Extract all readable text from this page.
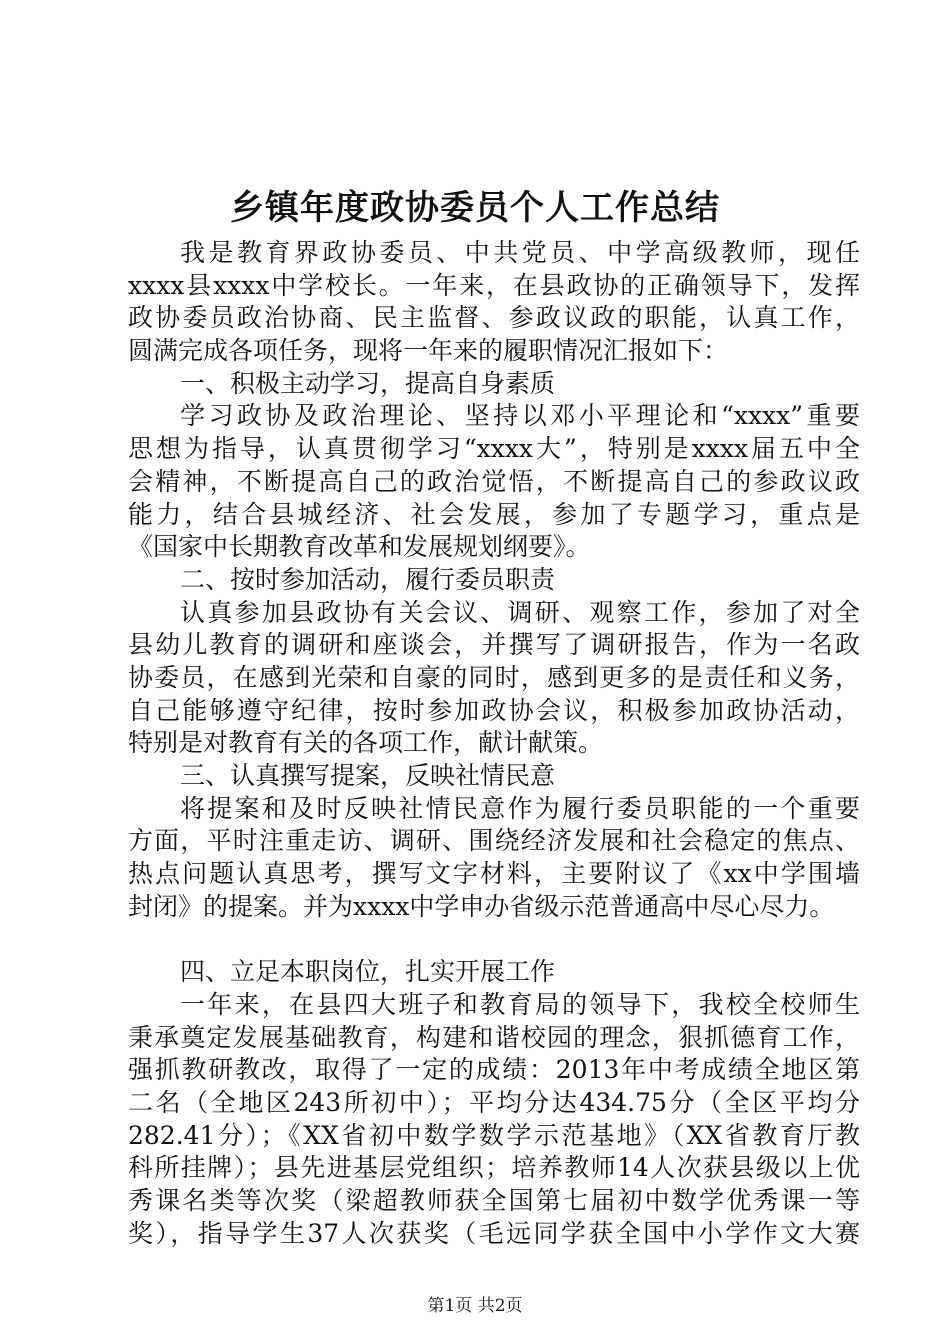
乡镇年度政协委员个人工作总结
我是教育界政协委员、中共党员、中学高级教师，现任
xxxx县xxxx中学校长。一年来，在县政协的正确领导下，发挥
政协委员政治协商、民主监督、参政议政的职能，认真工作，
圆满完成各项任务，现将一年来的履职情况汇报如下：
一、积极主动学习，提高自身素质
学习政协及政治理论、坚持以邓小平理论和“xxxx”重要
思想为指导，认真贯彻学习“xxxx大”，特别是xxxx届五中全
会精神，不断提高自己的政治觉悟，不断提高自己的参政议政
能力，结合县城经济、社会发展，参加了专题学习，重点是
《国家中长期教育改革和发展规划纲要》。
二、按时参加活动，履行委员职责
认真参加县政协有关会议、调研、观察工作，参加了对全
县幼儿教育的调研和座谈会，并撰写了调研报告，作为一名政
协委员，在感到光荣和自豪的同时，感到更多的是责任和义务，
自己能够遵守纪律，按时参加政协会议，积极参加政协活动，
特别是对教育有关的各项工作，献计献策。
三、认真撰写提案，反映社情民意
将提案和及时反映社情民意作为履行委员职能的一个重要
方面，平时注重走访、调研、围绕经济发展和社会稳定的焦点、
热点问题认真思考，撰写文字材料，主要附议了《xx中学围墙
封闭》的提案。并为xxxx中学申办省级示范普通高中尽心尽力。
四、立足本职岗位，扎实开展工作
一年来，在县四大班子和教育局的领导下，我校全校师生
秉承奠定发展基础教育，构建和谐校园的理念，狠抓德育工作，
强抓教研教改，取得了一定的成绩：2013年中考成绩全地区第
二名（全地区243所初中）；平均分达434.75分（全区平均分
282.41分）；《XX省初中数学数学示范基地》（XX省教育厅教
科所挂牌）；县先进基层党组织；培养教师14人次获县级以上优
秀课名类等次奖（梁超教师获全国第七届初中数学优秀课一等
奖），指导学生37人次获奖（毛远同学获全国中小学作文大赛
第1页 共2页
